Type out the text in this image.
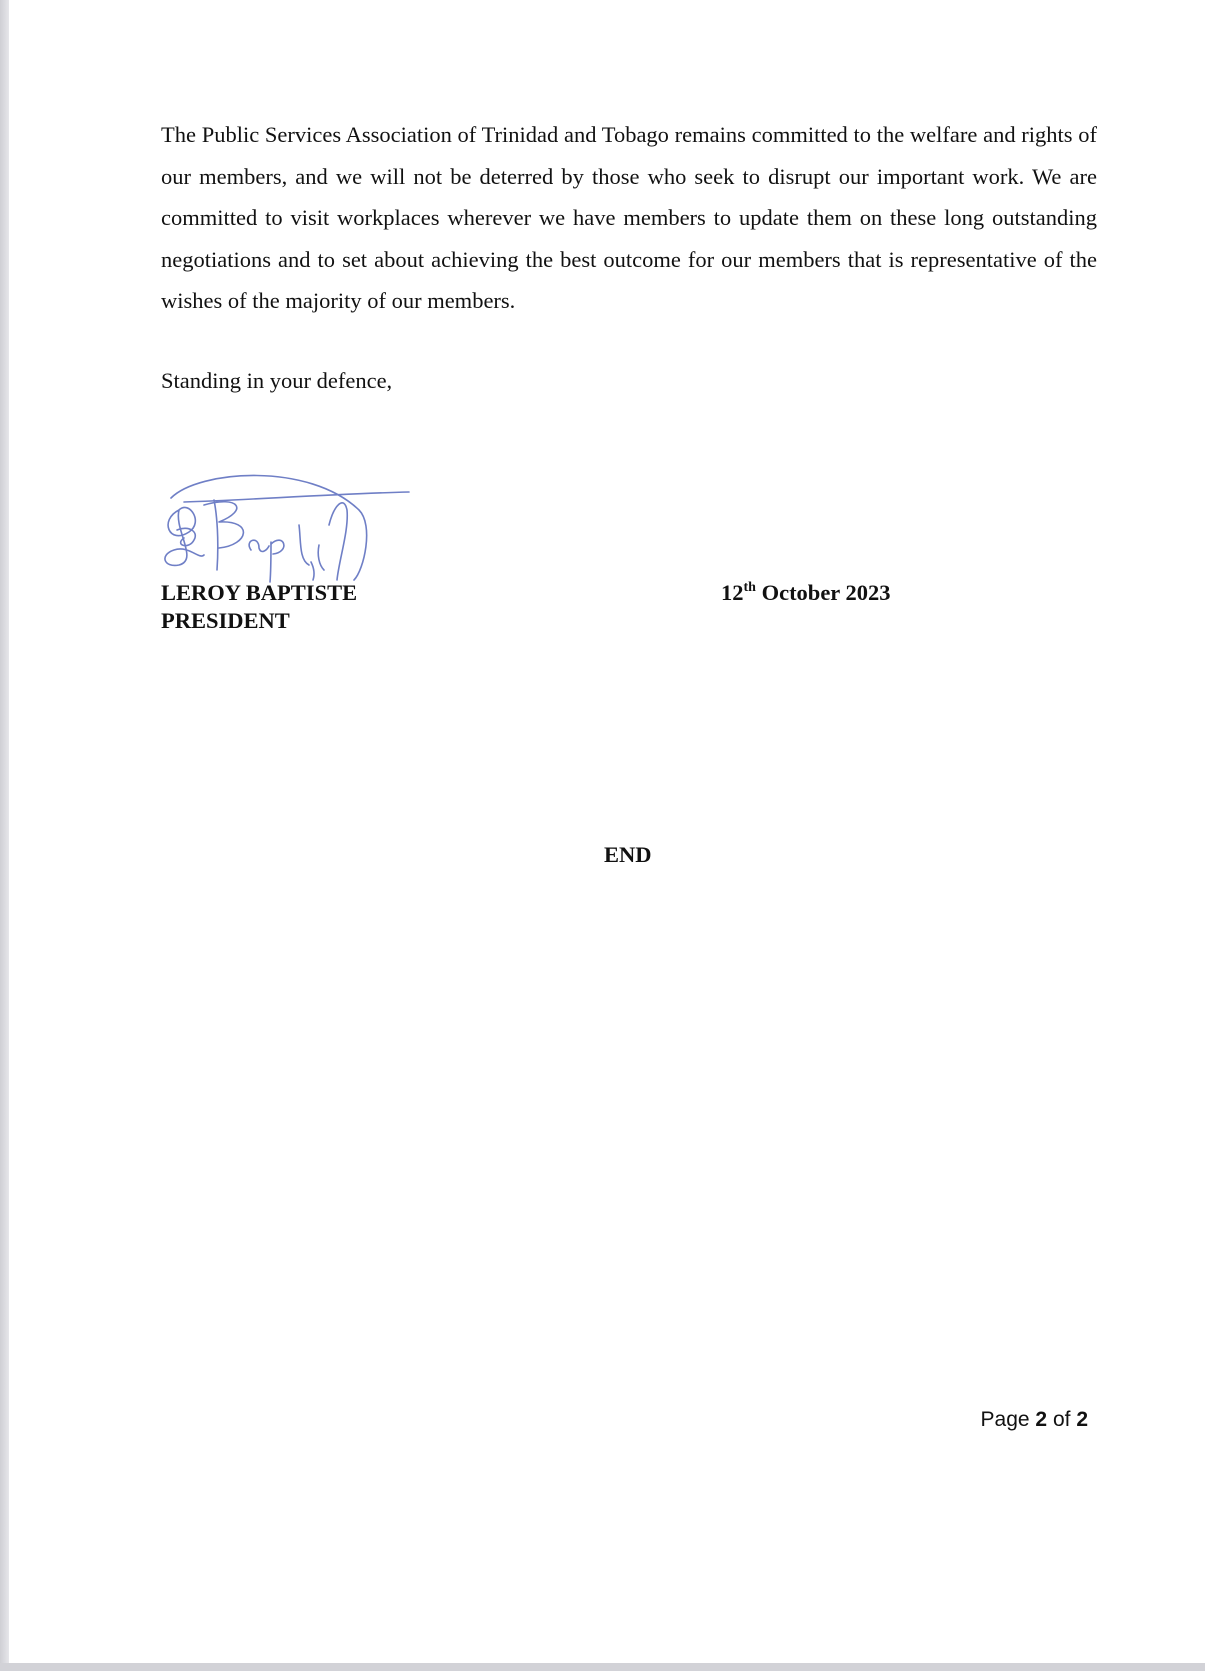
The Public Services Association of Trinidad and Tobago remains committed to the welfare and rights of our members, and we will not be deterred by those who seek to disrupt our important work. We are committed to visit workplaces wherever we have members to update them on these long outstanding negotiations and to set about achieving the best outcome for our members that is representative of the wishes of the majority of our members.

Standing in your defence,

LEROY BAPTISTE
PRESIDENT
12th October 2023
END
Page 2 of 2
